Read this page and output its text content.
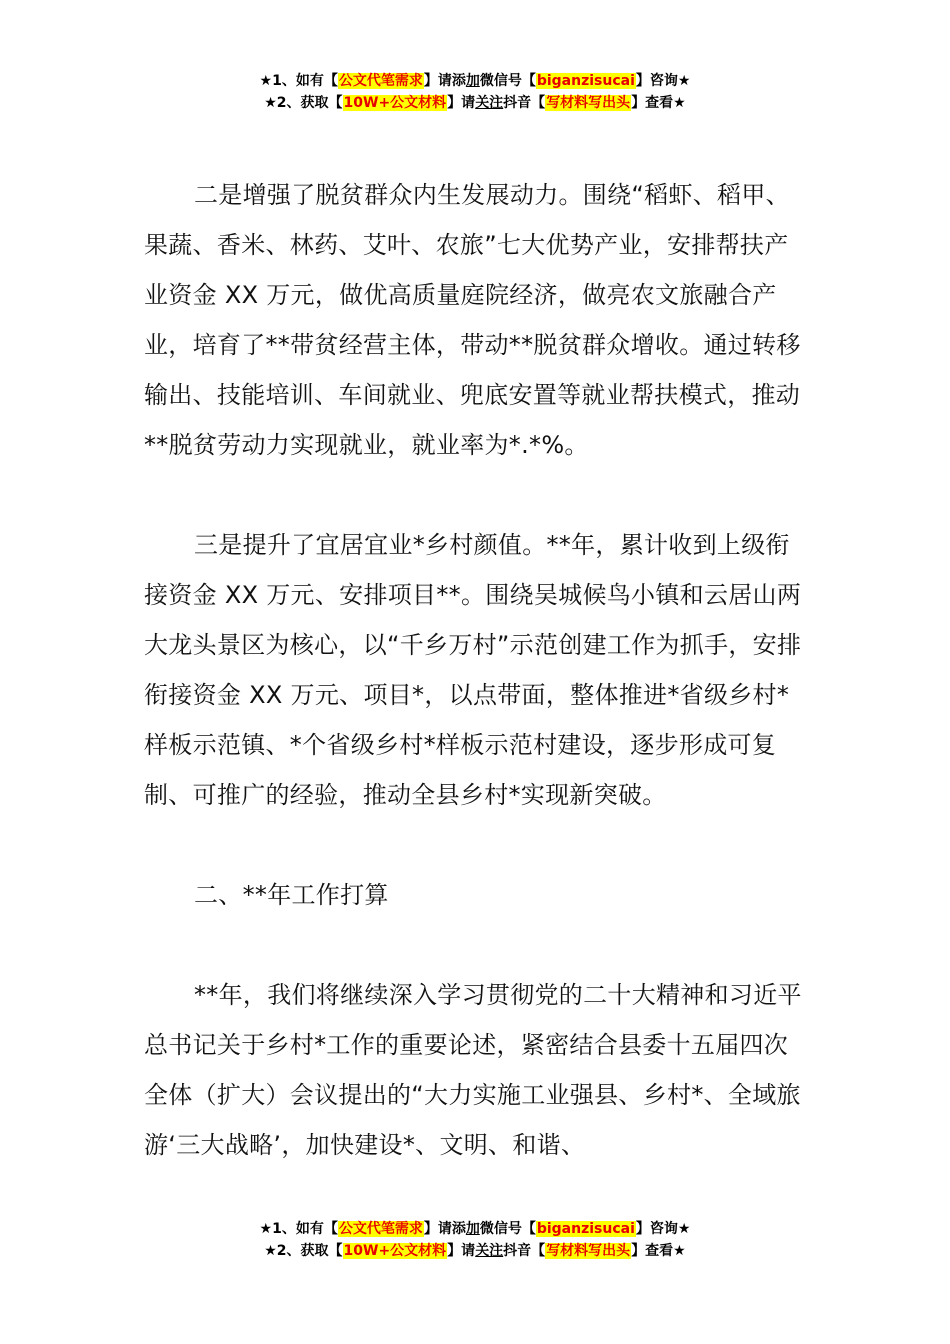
★1、如有【公文代笔需求】请添加微信号【biganzisucai】咨询★
★2、获取【10W+公文材料】请关注抖音【写材料写出头】查看★

二是增强了脱贫群众内生发展动力。围绕“稻虾、稻甲、果蔬、香米、林药、艾叶、农旅”七大优势产业，安排帮扶产业资金 XX 万元，做优高质量庭院经济，做亮农文旅融合产业，培育了**带贫经营主体，带动**脱贫群众增收。通过转移输出、技能培训、车间就业、兜底安置等就业帮扶模式，推动**脱贫劳动力实现就业，就业率为*.*%。

三是提升了宜居宜业*乡村颜值。**年，累计收到上级衔接资金 XX 万元、安排项目**。围绕吴城候鸟小镇和云居山两大龙头景区为核心，以“千乡万村”示范创建工作为抓手，安排衔接资金 XX 万元、项目*，以点带面，整体推进*省级乡村*样板示范镇、*个省级乡村*样板示范村建设，逐步形成可复制、可推广的经验，推动全县乡村*实现新突破。

二、**年工作打算

**年，我们将继续深入学习贯彻党的二十大精神和习近平总书记关于乡村*工作的重要论述，紧密结合县委十五届四次全体（扩大）会议提出的“大力实施工业强县、乡村*、全域旅游‘三大战略’，加快建设*、文明、和谐、

★1、如有【公文代笔需求】请添加微信号【biganzisucai】咨询★
★2、获取【10W+公文材料】请关注抖音【写材料写出头】查看★
